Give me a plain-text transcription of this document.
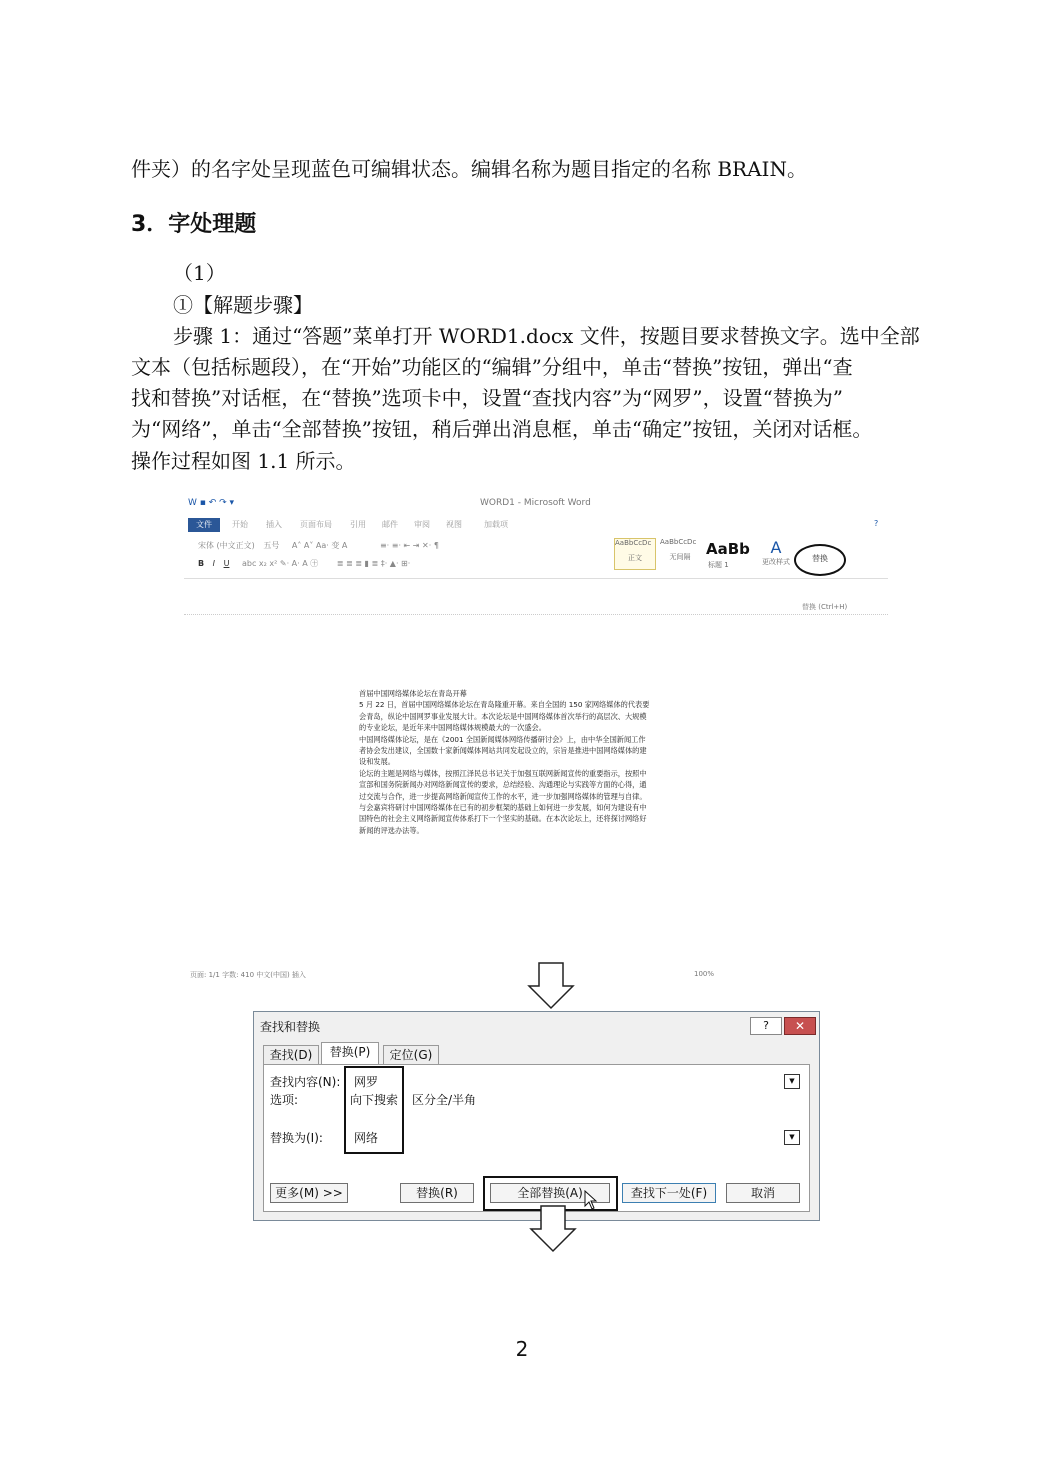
件夹）的名字处呈现蓝色可编辑状态。编辑名称为题目指定的名称 BRAIN。
3．字处理题
（1）
①【解题步骤】
步骤 1：通过“答题”菜单打开 WORD1.docx 文件，按题目要求替换文字。选中全部
文本（包括标题段），在“开始”功能区的“编辑”分组中，单击“替换”按钮，弹出“查
找和替换”对话框，在“替换”选项卡中，设置“查找内容”为“网罗”，设置“替换为”
为“网络”，单击“全部替换”按钮，稍后弹出消息框，单击“确定”按钮，关闭对话框。
操作过程如图 1.1 所示。
W ▪ ↶ ↷ ▾	WORD1 - Microsoft Word
文件	开始 插入 页面布局 引用 邮件 审阅 视图	加载项	?
宋体 (中文正文) 五号 A˄ A˅ Aa· 变 A	≡· ≡· ⇤ ⇥ ✕· ¶
B I U abc x₂ x² ✎· A· A ㊉ ≣ ≣ ≣ ▮ ≣ ‡· ▲· ⊞·
AaBbCcDc
正文
AaBbCcDc
无间隔	AaBb
标题 1
A
更改样式	替换
替换 (Ctrl+H)
首届中国网络媒体论坛在青岛开幕
5 月 22 日，首届中国网络媒体论坛在青岛隆重开幕。来自全国的 150 家网络媒体的代表要
会青岛，纵论中国网罗事业发展大计。本次论坛是中国网络媒体首次举行的高层次、大规模
的专业论坛，是近年来中国网络媒体规模最大的一次盛会。
中国网络媒体论坛，是在《2001 全国新闻媒体网络传播研讨会》上，由中华全国新闻工作
者协会发出建议，全国数十家新闻媒体网站共同发起设立的，宗旨是推进中国网络媒体的建
设和发展。
论坛的主题是网络与媒体，按照江泽民总书记关于加强互联网新闻宣传的重要指示，按照中
宣部和国务院新闻办对网络新闻宣传的要求，总结经验、沟通理论与实践等方面的心得，通
过交流与合作，进一步提高网络新闻宣传工作的水平，进一步加强网络媒体的管理与自律。
与会嘉宾将研讨中国网络媒体在已有的初步框架的基础上如何进一步发展，如何为建设有中
国特色的社会主义网络新闻宣传体系打下一个坚实的基础。在本次论坛上，还将探讨网络好
新闻的评选办法等。
页面: 1/1 字数: 410 中文(中国) 插入	100%
查找和替换	?	✕
查找(D)	替换(P)	定位(G)
查找内容(N): 网罗	▼
选项:	向下搜索 区分全/半角
替换为(I):	网络	▼
更多(M) >>	替换(R)	全部替换(A)	查找下一处(F)	取消
2
